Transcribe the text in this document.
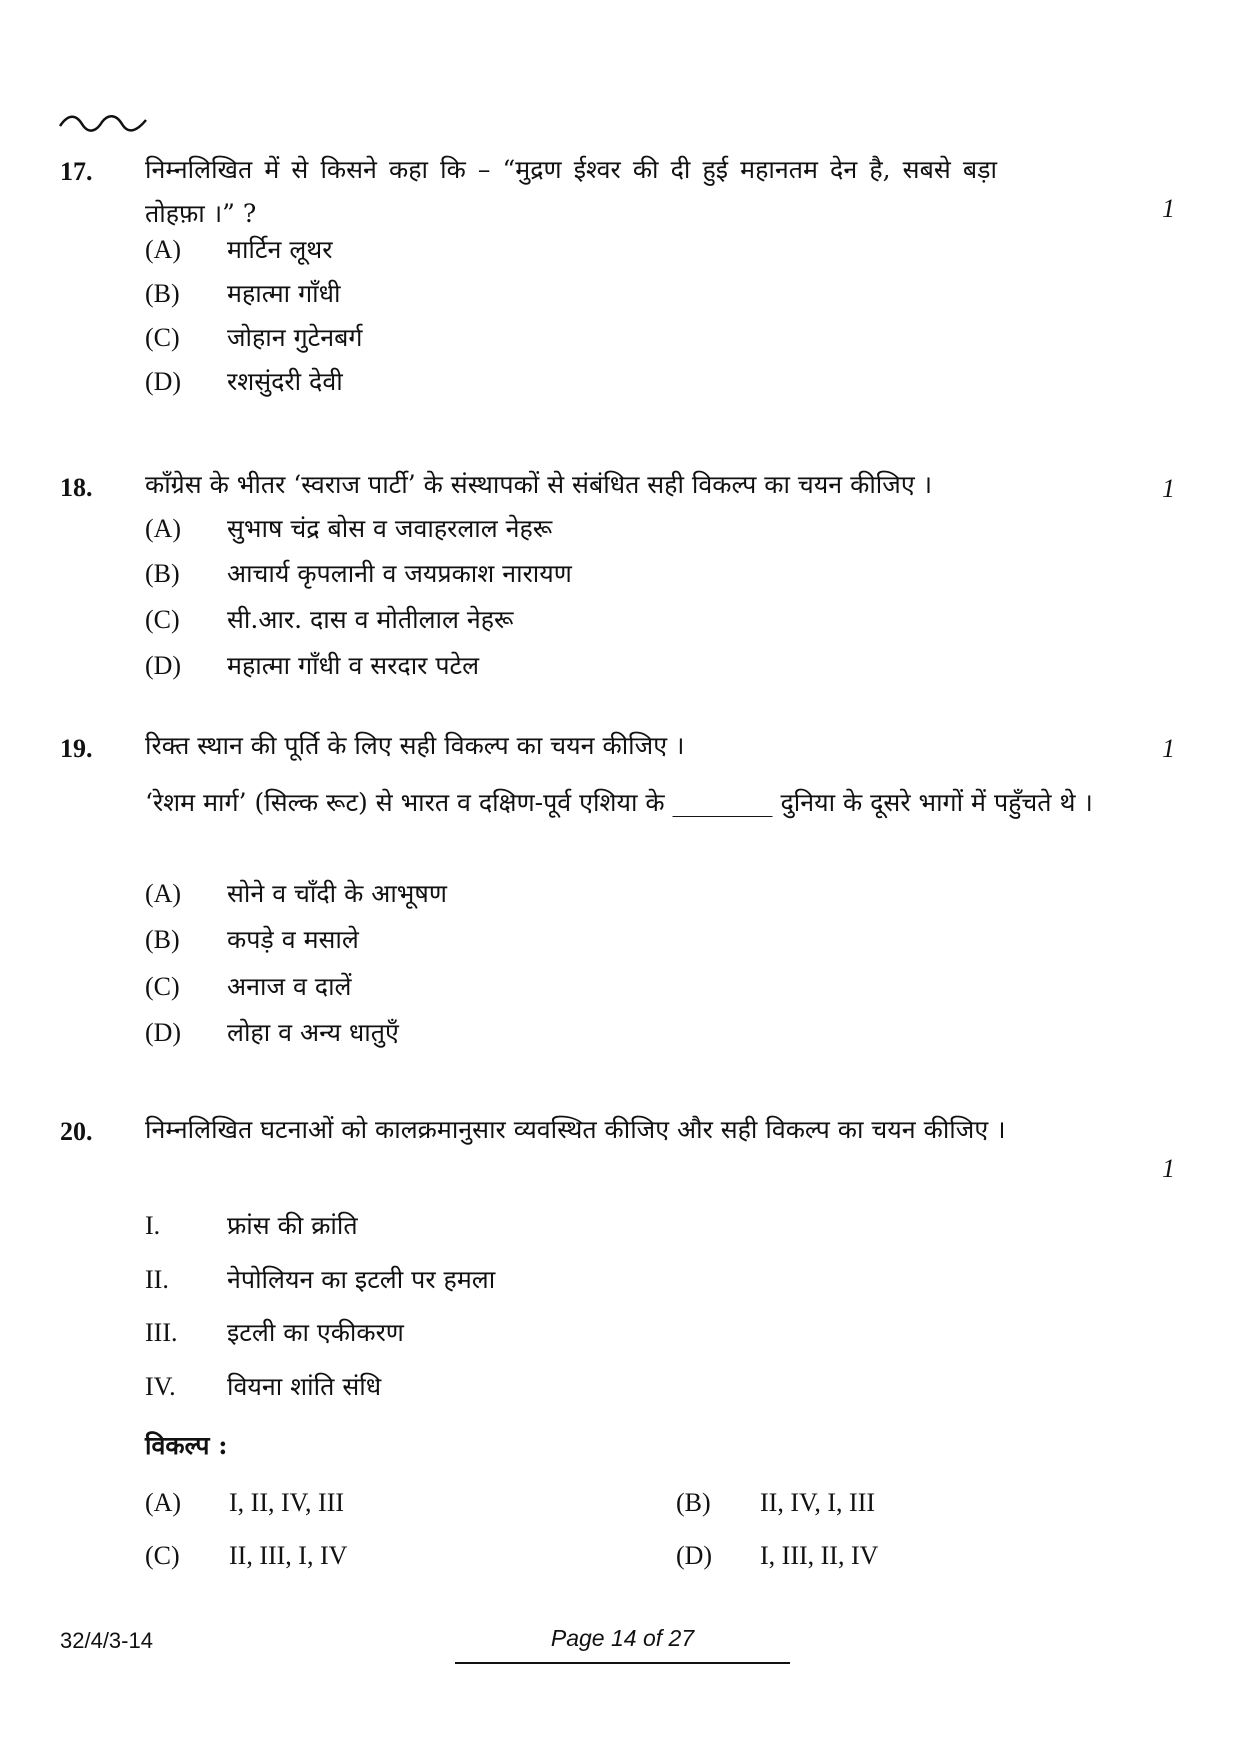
17. निम्नलिखित में से किसने कहा कि – “मुद्रण ईश्वर की दी हुई महानतम देन है, सबसे बड़ा तोहफ़ा ।” ?	1
(A) मार्टिन लूथर
(B) महात्मा गाँधी
(C) जोहान गुटेनबर्ग
(D) रशसुंदरी देवी
18. काँग्रेस के भीतर ‘स्वराज पार्टी’ के संस्थापकों से संबंधित सही विकल्प का चयन कीजिए ।	1
(A) सुभाष चंद्र बोस व जवाहरलाल नेहरू
(B) आचार्य कृपलानी व जयप्रकाश नारायण
(C) सी.आर. दास व मोतीलाल नेहरू
(D) महात्मा गाँधी व सरदार पटेल
19. रिक्त स्थान की पूर्ति के लिए सही विकल्प का चयन कीजिए ।	1
‘रेशम मार्ग’ (सिल्क रूट) से भारत व दक्षिण-पूर्व एशिया के ________ दुनिया के दूसरे भागों में पहुँचते थे ।
(A) सोने व चाँदी के आभूषण
(B) कपड़े व मसाले
(C) अनाज व दालें
(D) लोहा व अन्य धातुएँ
20. निम्नलिखित घटनाओं को कालक्रमानुसार व्यवस्थित कीजिए और सही विकल्प का चयन कीजिए ।
1
I.	फ्रांस की क्रांति
II. नेपोलियन का इटली पर हमला
III. इटली का एकीकरण
IV. वियना शांति संधि
विकल्प :
(A) I, II, IV, III	(B) II, IV, I, III
(C) II, III, I, IV	(D) I, III, II, IV
32/4/3-14	Page 14 of 27
